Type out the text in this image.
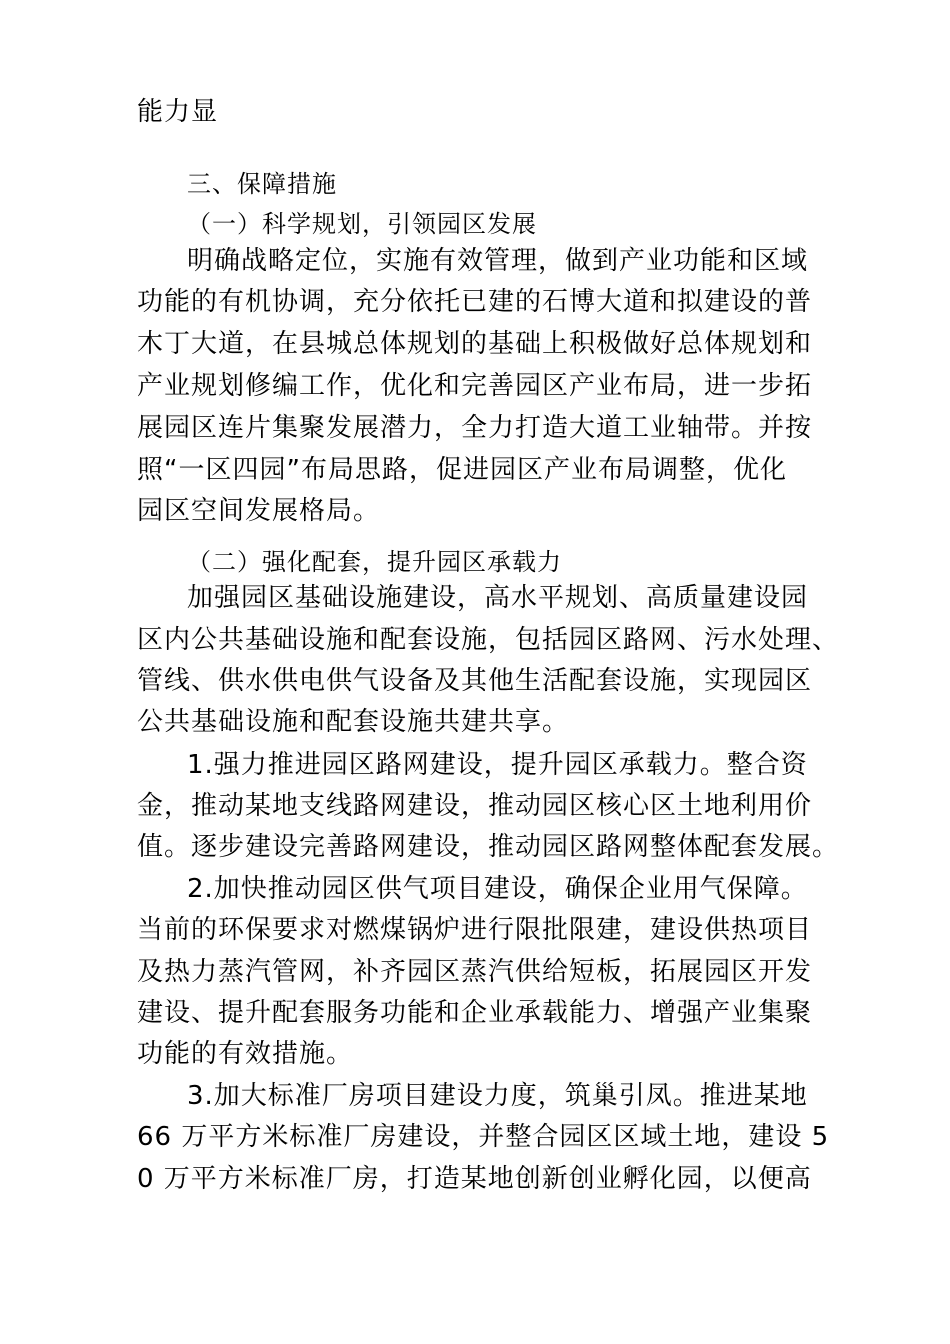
能力显
三、保障措施
（一）科学规划，引领园区发展
明确战略定位，实施有效管理，做到产业功能和区域
功能的有机协调，充分依托已建的石博大道和拟建设的普
木丁大道，在县城总体规划的基础上积极做好总体规划和
产业规划修编工作，优化和完善园区产业布局，进一步拓
展园区连片集聚发展潜力，全力打造大道工业轴带。并按
照“一区四园”布局思路，促进园区产业布局调整，优化
园区空间发展格局。
（二）强化配套，提升园区承载力
加强园区基础设施建设，高水平规划、高质量建设园
区内公共基础设施和配套设施，包括园区路网、污水处理、
管线、供水供电供气设备及其他生活配套设施，实现园区
公共基础设施和配套设施共建共享。
1.强力推进园区路网建设，提升园区承载力。整合资
金，推动某地支线路网建设，推动园区核心区土地利用价
值。逐步建设完善路网建设，推动园区路网整体配套发展。
2.加快推动园区供气项目建设，确保企业用气保障。
当前的环保要求对燃煤锅炉进行限批限建，建设供热项目
及热力蒸汽管网，补齐园区蒸汽供给短板，拓展园区开发
建设、提升配套服务功能和企业承载能力、增强产业集聚
功能的有效措施。
3.加大标准厂房项目建设力度，筑巢引凤。推进某地
66 万平方米标准厂房建设，并整合园区区域土地，建设 5
0 万平方米标准厂房，打造某地创新创业孵化园，以便高
